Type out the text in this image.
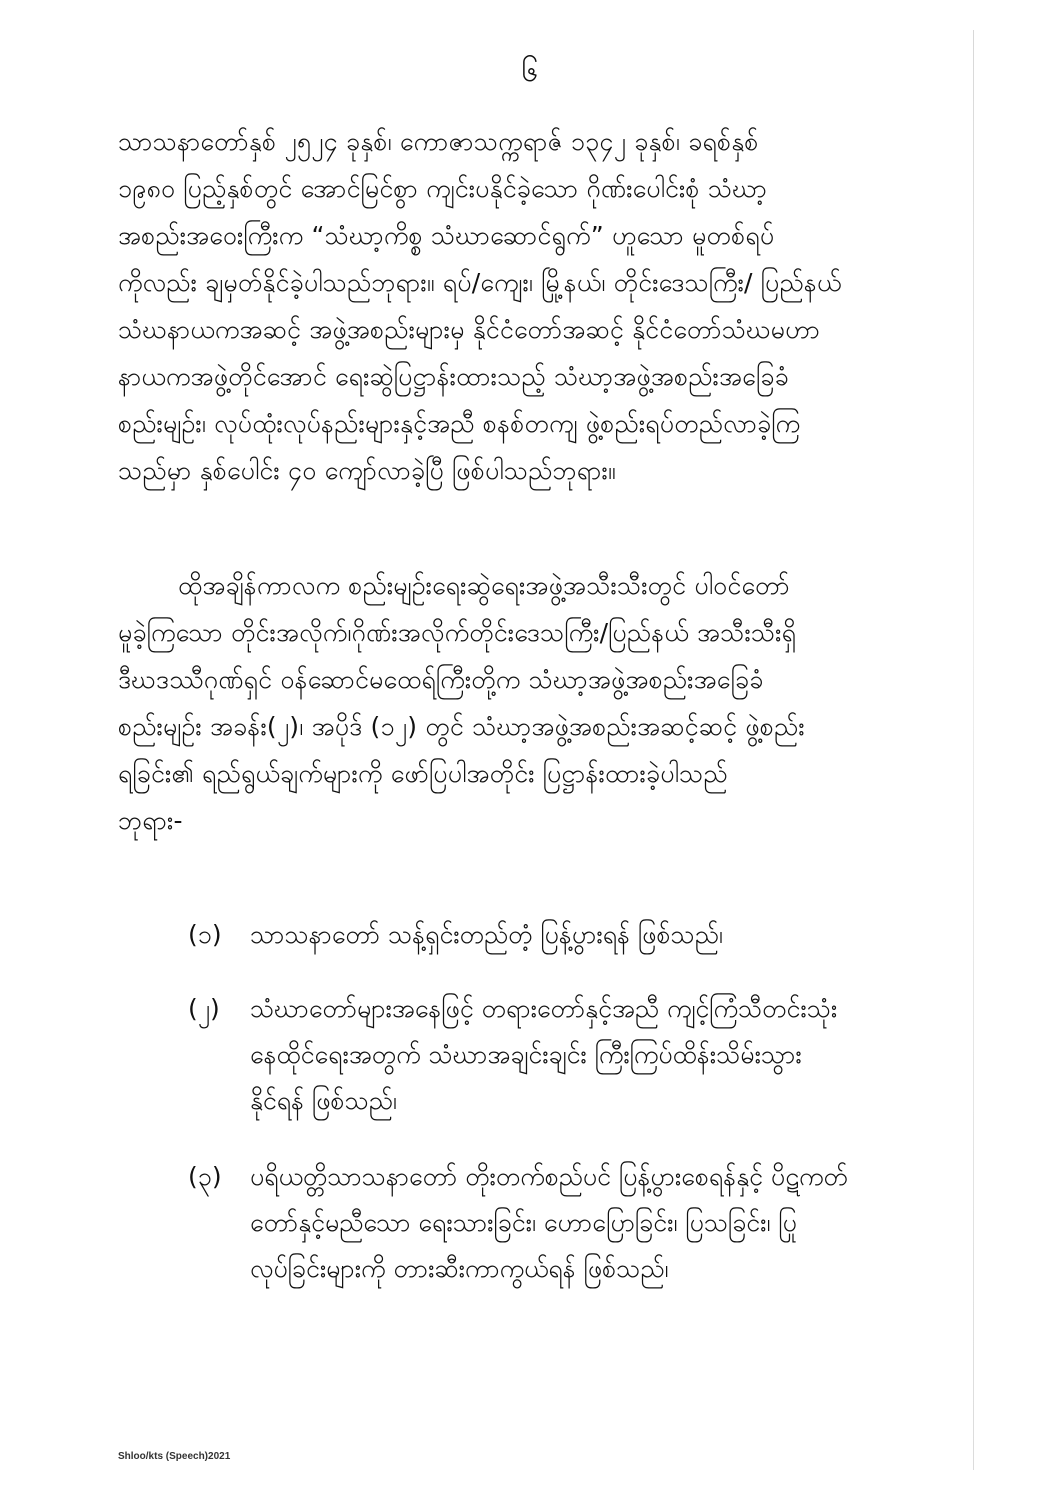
၆
သာသနာတော်နှစ် ၂၅၂၄ ခုနှစ်၊ ကောဇာသက္ကရာဇ် ၁၃၄၂ ခုနှစ်၊ ခရစ်နှစ်
၁၉၈၀ ပြည့်နှစ်တွင် အောင်မြင်စွာ ကျင်းပနိုင်ခဲ့သော ဂိုဏ်းပေါင်းစုံ သံဃာ့
အစည်းအဝေးကြီးက “သံဃာ့ကိစ္စ သံဃာဆောင်ရွက်” ဟူသော မူတစ်ရပ်
ကိုလည်း ချမှတ်နိုင်ခဲ့ပါသည်ဘုရား။ ရပ်/ကျေး၊ မြို့နယ်၊ တိုင်းဒေသကြီး/ ပြည်နယ်
သံဃနာယကအဆင့် အဖွဲ့အစည်းများမှ နိုင်ငံတော်အဆင့် နိုင်ငံတော်သံဃမဟာ
နာယကအဖွဲ့တိုင်အောင် ရေးဆွဲပြဋ္ဌာန်းထားသည့် သံဃာ့အဖွဲ့အစည်းအခြေခံ
စည်းမျဉ်း၊ လုပ်ထုံးလုပ်နည်းများနှင့်အညီ စနစ်တကျ ဖွဲ့စည်းရပ်တည်လာခဲ့ကြ
သည်မှာ နှစ်ပေါင်း ၄၀ ကျော်လာခဲ့ပြီ ဖြစ်ပါသည်ဘုရား။
ထိုအချိန်ကာလက စည်းမျဉ်းရေးဆွဲရေးအဖွဲ့အသီးသီးတွင် ပါဝင်တော်
မူခဲ့ကြသော တိုင်းအလိုက်၊ဂိုဏ်းအလိုက်တိုင်းဒေသကြီး/ပြည်နယ် အသီးသီးရှိ
ဒီဃဒဿီဂုဏ်ရှင် ဝန်ဆောင်မထေရ်ကြီးတို့က သံဃာ့အဖွဲ့အစည်းအခြေခံ
စည်းမျဉ်း အခန်း(၂)၊ အပိုဒ် (၁၂) တွင် သံဃာ့အဖွဲ့အစည်းအဆင့်ဆင့် ဖွဲ့စည်း
ရခြင်း၏ ရည်ရွယ်ချက်များကို ဖော်ပြပါအတိုင်း ပြဋ္ဌာန်းထားခဲ့ပါသည်
ဘုရား-
(၁)	သာသနာတော် သန့်ရှင်းတည်တံ့ ပြန့်ပွားရန် ဖြစ်သည်၊
(၂)	သံဃာတော်များအနေဖြင့် တရားတော်နှင့်အညီ ကျင့်ကြံသီတင်းသုံး
နေထိုင်ရေးအတွက် သံဃာအချင်းချင်း ကြီးကြပ်ထိန်းသိမ်းသွား
နိုင်ရန် ဖြစ်သည်၊
(၃)	ပရိယတ္တိသာသနာတော် တိုးတက်စည်ပင် ပြန့်ပွားစေရန်နှင့် ပိဋကတ်
တော်နှင့်မညီသော ရေးသားခြင်း၊ ဟောပြောခြင်း၊ ပြသခြင်း၊ ပြု
လုပ်ခြင်းများကို တားဆီးကာကွယ်ရန် ဖြစ်သည်၊
Shloo/kts (Speech)2021
